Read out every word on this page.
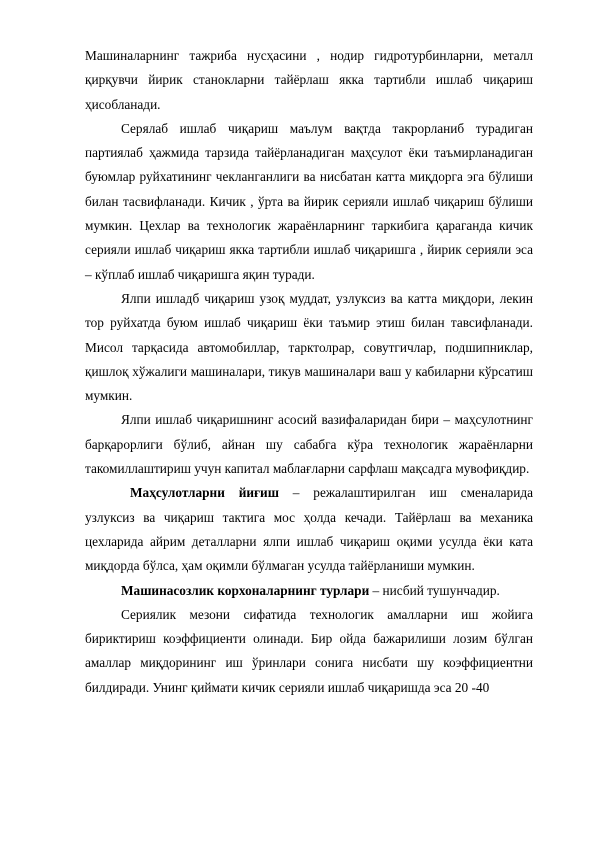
Машиналарнинг тажриба нусҳасини , нодир гидротурбинларни, металл қирқувчи йирик станокларни тайёрлаш якка тартибли ишлаб чиқариш ҳисобланади.

Серялаб ишлаб чиқариш маълум вақтда такрорланиб турадиган партиялаб ҳажмида тарзида тайёрланадиган маҳсулот ёки таъмирланадиган буюмлар руйхатининг чекланганлиги ва нисбатан катта миқдорга эга бўлиши билан тасвифланади. Кичик , ўрта ва йирик серияли ишлаб чиқариш бўлиши мумкин. Цехлар ва технологик жараёнларнинг таркибига қараганда кичик серияли ишлаб чиқариш якка тартибли ишлаб чиқаришга , йирик серияли эса – кўплаб ишлаб чиқаришга яқин туради.

Ялпи ишладб чиқариш узоқ муддат, узлуксиз ва катта миқдори, лекин тор руйхатда буюм ишлаб чиқариш ёки таъмир этиш билан тавсифланади. Мисол тарқасида автомобиллар, тарктолрар, совутгичлар, подшипниклар, қишлоқ хўжалиги машиналари, тикув машиналари ваш у кабиларни кўрсатиш мумкин.

Ялпи ишлаб чиқаришнинг асосий вазифаларидан бири – маҳсулотнинг барқарорлиги бўлиб, айнан шу сабабга кўра технологик жараёнларни такомиллаштириш учун капитал маблағларни сарфлаш мақсадга мувофиқдир.

Маҳсулотларни йиғиш – режалаштирилган иш сменаларида узлуксиз ва чиқариш тактига мос ҳолда кечади. Тайёрлаш ва механика цехларида айрим деталларни ялпи ишлаб чиқариш оқими усулда ёки ката миқдорда бўлса, ҳам оқимли бўлмаган усулда тайёрланиши мумкин.

Машинасозлик корхоналарнинг турлари – нисбий тушунчадир.

Сериялик мезони сифатида технологик амалларни иш жойига бириктириш коэффициенти олинади. Бир ойда бажарилиши лозим бўлган амаллар миқдорининг иш ўринлари сонига нисбати шу коэффициентни билдиради. Унинг қиймати кичик серияли ишлаб чиқаришда эса 20 -40
